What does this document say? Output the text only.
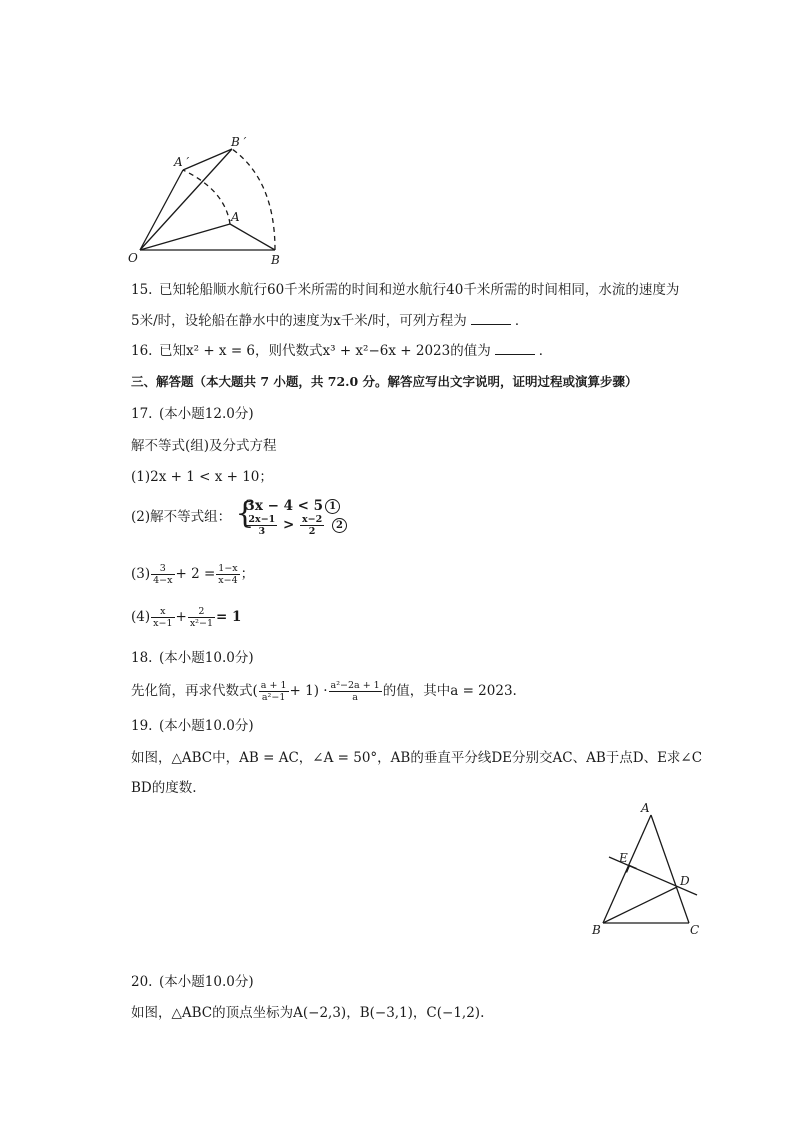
O	B
A
A ′
B ′
15. 已知轮船顺水航行60千米所需的时间和逆水航行40千米所需的时间相同，水流的速度为
5米/时，设轮船在静水中的速度为x千米/时，可列方程为	．
16. 已知x² + x = 6，则代数式x³ + x²−6x + 2023的值为	．
三、解答题（本大题共 7 小题，共 72.0 分。解答应写出文字说明，证明过程或演算步骤）
17. (本小题12.0分)
解不等式(组)及分式方程
(1)2x + 1 < x + 10；
(2)解不等式组： {
3x − 4 < 5 1
$\frac{2x-1}{3} > \frac{x-2}{2} 2$
$(3) \frac{3}{4-x} + 2 = \frac{1-x}{x-4}$ ；
$(4) \frac{x}{x-1} + \frac{2}{\text{x²−1}} = 1$
18. (本小题10.0分)
先化简，再求代数式( $\frac{a + 1}{\text{a²−1}} + 1) \cdot \frac{\text{a²−2a + 1}}{a}$ 的值，其中a = 2023.
19. (本小题10.0分)
如图，△ABC中，AB = AC，∠A = 50°，AB的垂直平分线DE分别交AC、AB于点D、E求∠C
BD的度数.
A
E
D
B	C
20. (本小题10.0分)
如图，△ABC的顶点坐标为A(−2,3)，B(−3,1)，C(−1,2).
